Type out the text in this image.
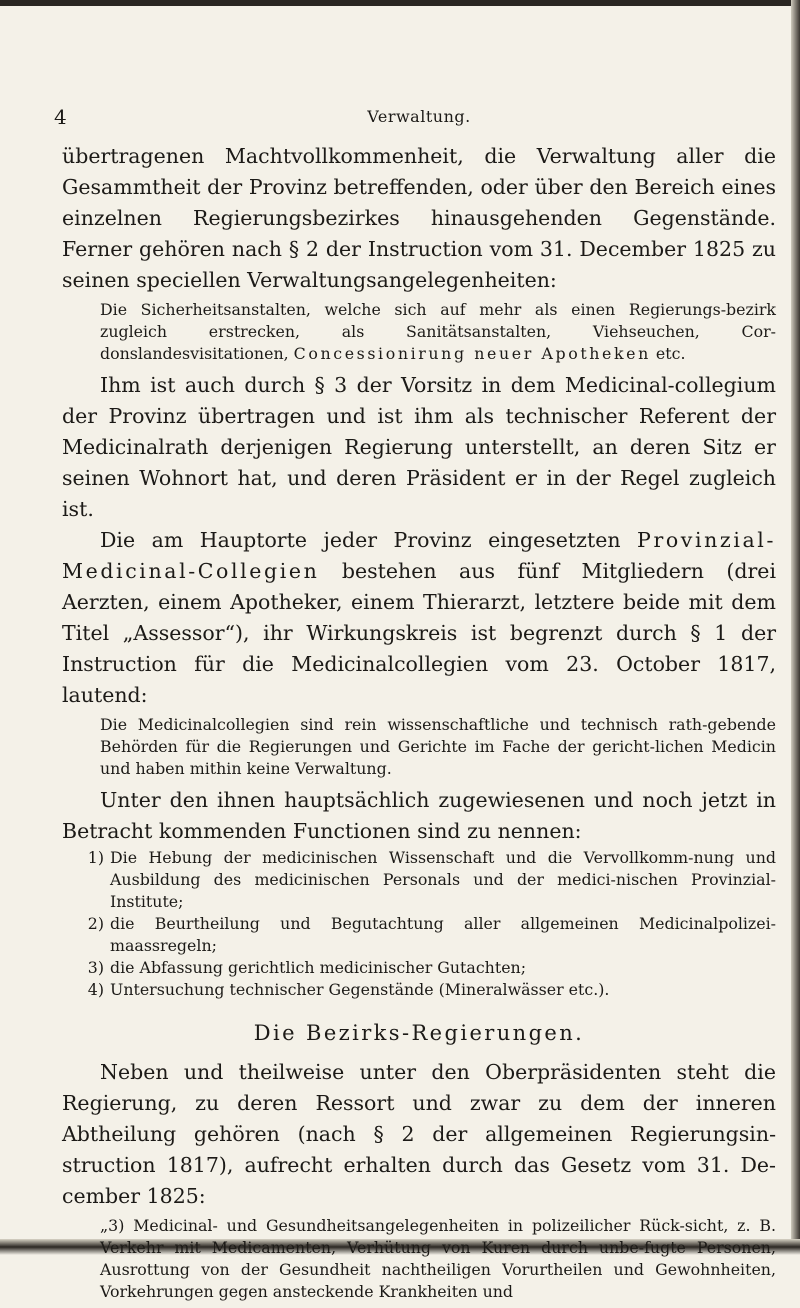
4	Verwaltung.

übertragenen Machtvollkommenheit, die Verwaltung aller die Gesammtheit der Provinz betreffenden, oder über den Bereich eines einzelnen Regierungsbezirkes hinausgehenden Gegenstände. Ferner gehören nach § 2 der Instruction vom 31. December 1825 zu seinen speciellen Verwaltungsangelegenheiten:

Die Sicherheitsanstalten, welche sich auf mehr als einen Regierungs-bezirk zugleich erstrecken, als Sanitätsanstalten, Viehseuchen, Cor-donslandesvisitationen, Concessionirung neuer Apotheken etc.

Ihm ist auch durch § 3 der Vorsitz in dem Medicinal-collegium der Provinz übertragen und ist ihm als technischer Referent der Medicinalrath derjenigen Regierung unterstellt, an deren Sitz er seinen Wohnort hat, und deren Präsident er in der Regel zugleich ist.

Die am Hauptorte jeder Provinz eingesetzten Provinzial-Medicinal-Collegien bestehen aus fünf Mitgliedern (drei Aerzten, einem Apotheker, einem Thierarzt, letztere beide mit dem Titel „Assessor“), ihr Wirkungskreis ist begrenzt durch § 1 der Instruction für die Medicinalcollegien vom 23. October 1817, lautend:

Die Medicinalcollegien sind rein wissenschaftliche und technisch rath-gebende Behörden für die Regierungen und Gerichte im Fache der gericht-lichen Medicin und haben mithin keine Verwaltung.

Unter den ihnen hauptsächlich zugewiesenen und noch jetzt in Betracht kommenden Functionen sind zu nennen:

1) Die Hebung der medicinischen Wissenschaft und die Vervollkomm-nung und Ausbildung des medicinischen Personals und der medici-nischen Provinzial-Institute;
2) die Beurtheilung und Begutachtung aller allgemeinen Medicinalpolizei-maassregeln;
3) die Abfassung gerichtlich medicinischer Gutachten;
4) Untersuchung technischer Gegenstände (Mineralwässer etc.).
Die Bezirks-Regierungen.

Neben und theilweise unter den Oberpräsidenten steht die Regierung, zu deren Ressort und zwar zu dem der inneren Abtheilung gehören (nach § 2 der allgemeinen Regierungsin-struction 1817), aufrecht erhalten durch das Gesetz vom 31. De-cember 1825:

„3) Medicinal- und Gesundheitsangelegenheiten in polizeilicher Rück-sicht, z. B. Verkehr mit Medicamenten, Verhütung von Kuren durch unbe-fugte Personen, Ausrottung von der Gesundheit nachtheiligen Vorurtheilen und Gewohnheiten, Vorkehrungen gegen ansteckende Krankheiten und
